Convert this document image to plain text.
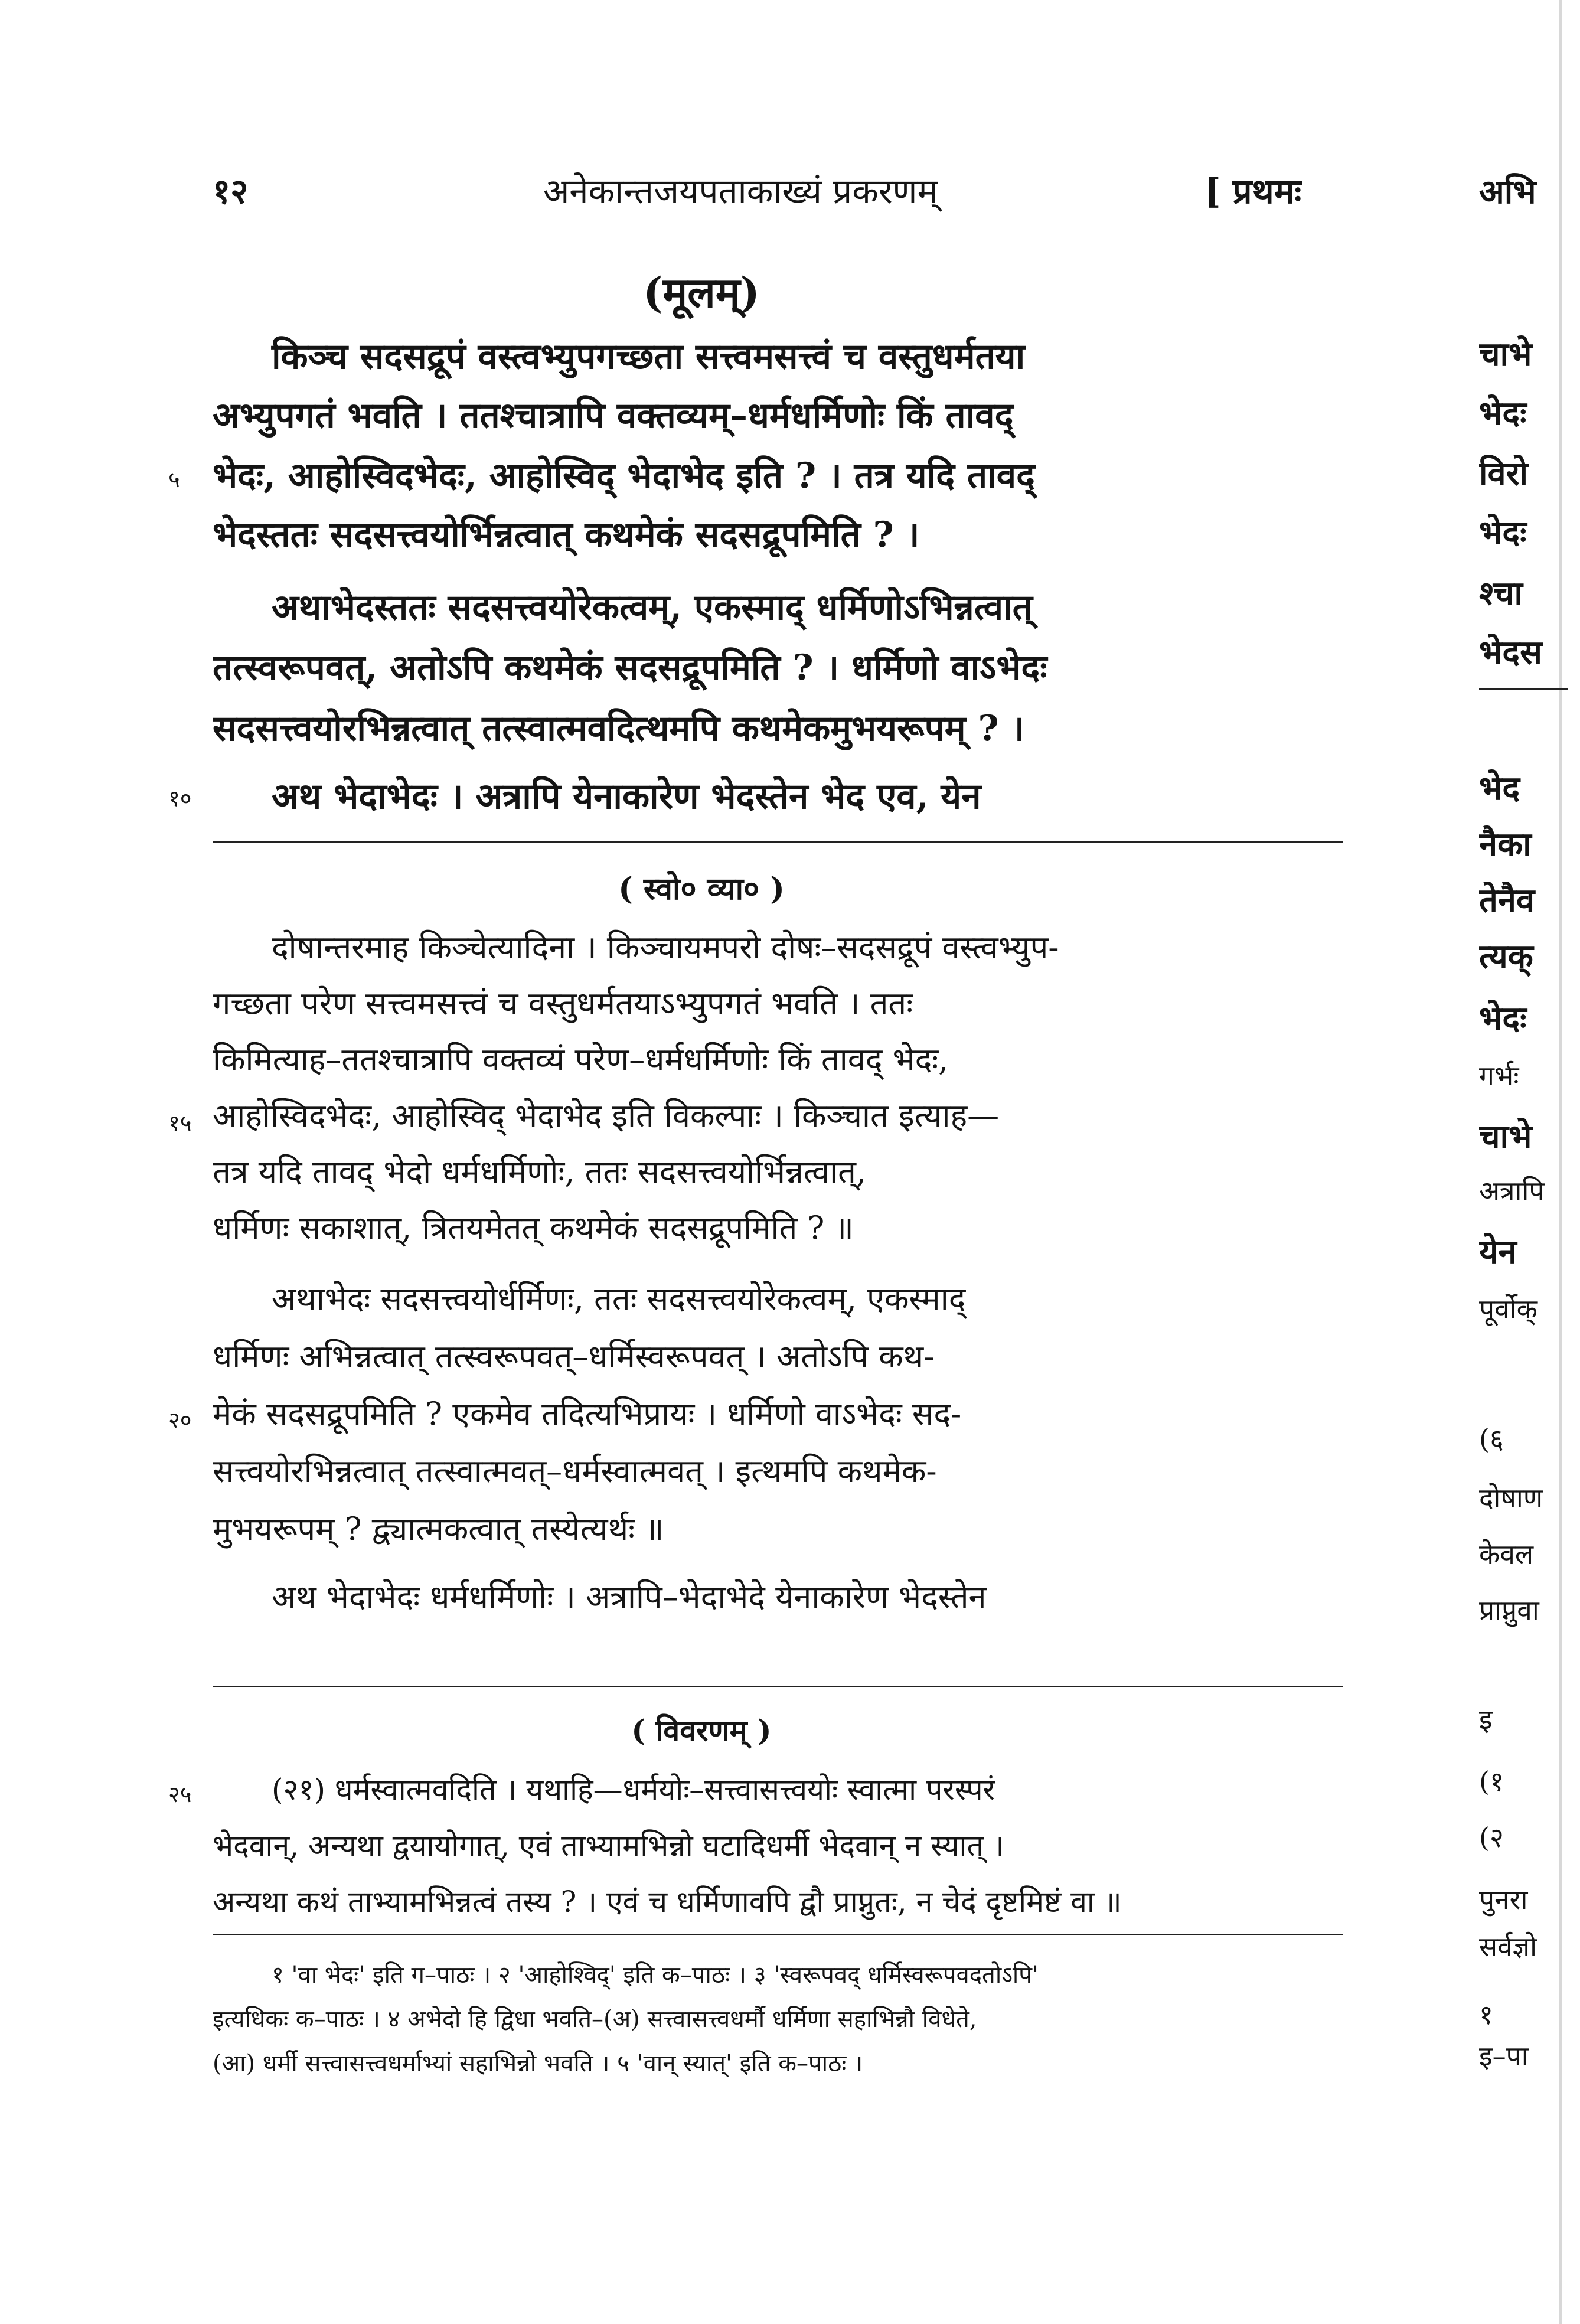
१२	अनेकान्तजयपताकाख्यं प्रकरणम्	[ प्रथमः
(मूलम्)
किञ्च सदसद्रूपं वस्त्वभ्युपगच्छता सत्त्वमसत्त्वं च वस्तुधर्मतया
अभ्युपगतं भवति । ततश्चात्रापि वक्तव्यम्–धर्मधर्मिणोः किं तावद्
भेदः, आहोस्विदभेदः, आहोस्विद् भेदाभेद इति ? । तत्र यदि तावद्
भेदस्ततः सदसत्त्वयोर्भिन्नत्वात् कथमेकं सदसद्रूपमिति ? ।
अथाभेदस्ततः सदसत्त्वयोरेकत्वम्, एकस्माद् धर्मिणोऽभिन्नत्वात्
तत्स्वरूपवत्, अतोऽपि कथमेकं सदसद्रूपमिति ? । धर्मिणो वाऽभेदः
सदसत्त्वयोरभिन्नत्वात् तत्स्वात्मवदित्थमपि कथमेकमुभयरूपम् ? ।
अथ भेदाभेदः । अत्रापि येनाकारेण भेदस्तेन भेद एव, येन
५
१०
( स्वो० व्या० )
दोषान्तरमाह किञ्चेत्यादिना । किञ्चायमपरो दोषः–सदसद्रूपं वस्त्वभ्युप-
गच्छता परेण सत्त्वमसत्त्वं च वस्तुधर्मतयाऽभ्युपगतं भवति । ततः
किमित्याह–ततश्चात्रापि वक्तव्यं परेण–धर्मधर्मिणोः किं तावद् भेदः,
आहोस्विदभेदः, आहोस्विद् भेदाभेद इति विकल्पाः । किञ्चात इत्याह—
तत्र यदि तावद् भेदो धर्मधर्मिणोः, ततः सदसत्त्वयोर्भिन्नत्वात्,
धर्मिणः सकाशात्, त्रितयमेतत् कथमेकं सदसद्रूपमिति ? ॥
अथाभेदः सदसत्त्वयोर्धर्मिणः, ततः सदसत्त्वयोरेकत्वम्, एकस्माद्
धर्मिणः अभिन्नत्वात् तत्स्वरूपवत्–धर्मिस्वरूपवत् । अतोऽपि कथ-
मेकं सदसद्रूपमिति ? एकमेव तदित्यभिप्रायः । धर्मिणो वाऽभेदः सद-
सत्त्वयोरभिन्नत्वात् तत्स्वात्मवत्–धर्मस्वात्मवत् । इत्थमपि कथमेक-
मुभयरूपम् ? द्व्यात्मकत्वात् तस्येत्यर्थः ॥
अथ भेदाभेदः धर्मधर्मिणोः । अत्रापि–भेदाभेदे येनाकारेण भेदस्तेन
१५
२०
( विवरणम् )
(२१) धर्मस्वात्मवदिति । यथाहि—धर्मयोः–सत्त्वासत्त्वयोः स्वात्मा परस्परं
भेदवान्, अन्यथा द्वयायोगात्, एवं ताभ्यामभिन्नो घटादिधर्मी भेदवान् न स्यात् ।
अन्यथा कथं ताभ्यामभिन्नत्वं तस्य ? । एवं च धर्मिणावपि द्वौ प्राप्नुतः, न चेदं दृष्टमिष्टं वा ॥
२५
१ 'वा भेदः' इति ग–पाठः । २ 'आहोश्विद्' इति क–पाठः । ३ 'स्वरूपवद् धर्मिस्वरूपवदतोऽपि'
इत्यधिकः क–पाठः । ४ अभेदो हि द्विधा भवति–(अ) सत्त्वासत्त्वधर्मौ धर्मिणा सहाभिन्नौ विधेते,
(आ) धर्मी सत्त्वासत्त्वधर्माभ्यां सहाभिन्नो भवति । ५ 'वान् स्यात्' इति क–पाठः ।
अभि
चाभे
भेदः
विरो
भेदः
श्चा
भेदस
भेद
नैका
तेनैव
त्यक्
भेदः
गर्भः
चाभे
अत्रापि
येन
पूर्वोक्
(६
दोषाण
केवल
प्राप्नुवा
इ
(१
(२
पुनरा
सर्वज्ञो
१
इ–पा
